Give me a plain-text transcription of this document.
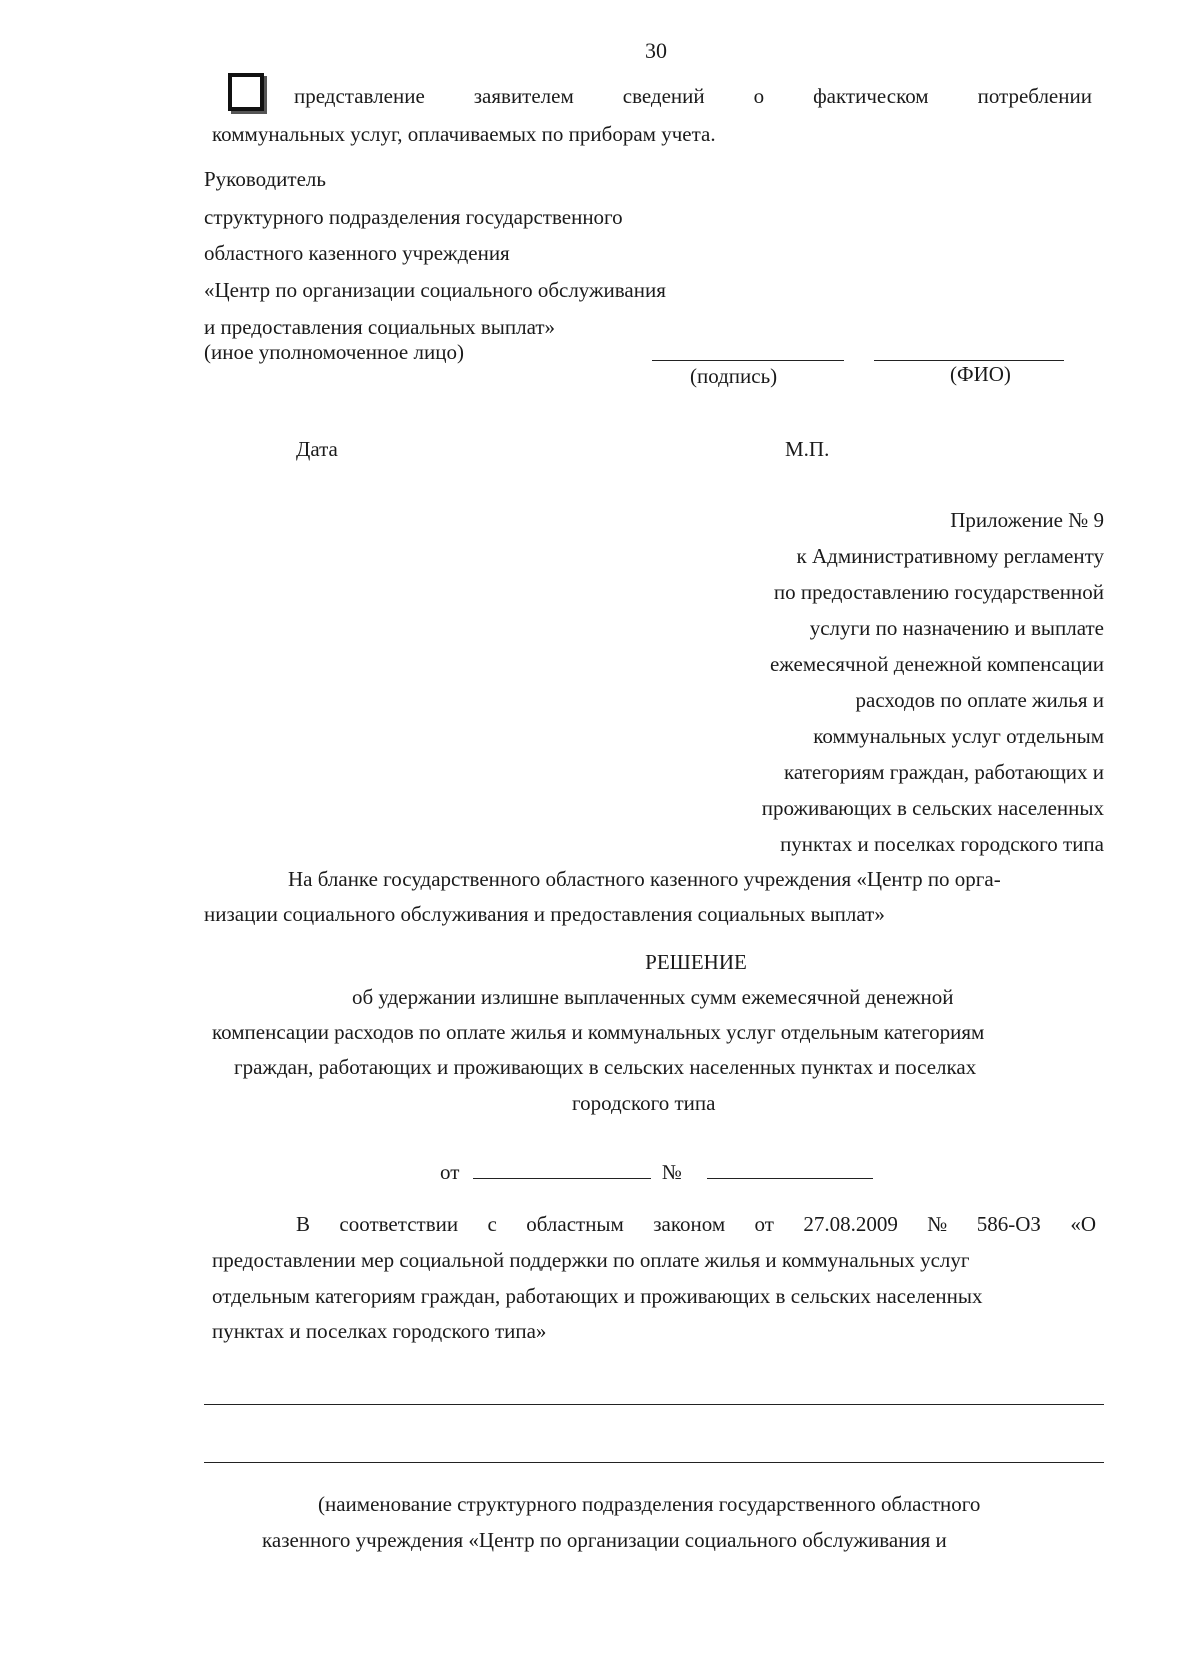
30
представление заявителем сведений о фактическом потреблении
коммунальных услуг, оплачиваемых по приборам учета.
Руководитель
структурного подразделения государственного
областного казенного учреждения
«Центр по организации социального обслуживания
и предоставления социальных выплат»
(иное уполномоченное лицо)
(подпись)	(ФИО)
Дата	М.П.
Приложение № 9
к Административному регламенту
по предоставлению государственной
услуги по назначению и выплате
ежемесячной денежной компенсации
расходов по оплате жилья и
коммунальных услуг отдельным
категориям граждан, работающих и
проживающих в сельских населенных
пунктах и поселках городского типа
На бланке государственного областного казенного учреждения «Центр по орга-
низации социального обслуживания и предоставления социальных выплат»
РЕШЕНИЕ
об удержании излишне выплаченных сумм ежемесячной денежной
компенсации расходов по оплате жилья и коммунальных услуг отдельным категориям
граждан, работающих и проживающих в сельских населенных пунктах и поселках
городского типа
от	№
В соответствии с областным законом от 27.08.2009 № 586-ОЗ «О
предоставлении мер социальной поддержки по оплате жилья и коммунальных услуг
отдельным категориям граждан, работающих и проживающих в сельских населенных
пунктах и поселках городского типа»
(наименование структурного подразделения государственного областного
казенного учреждения «Центр по организации социального обслуживания и
